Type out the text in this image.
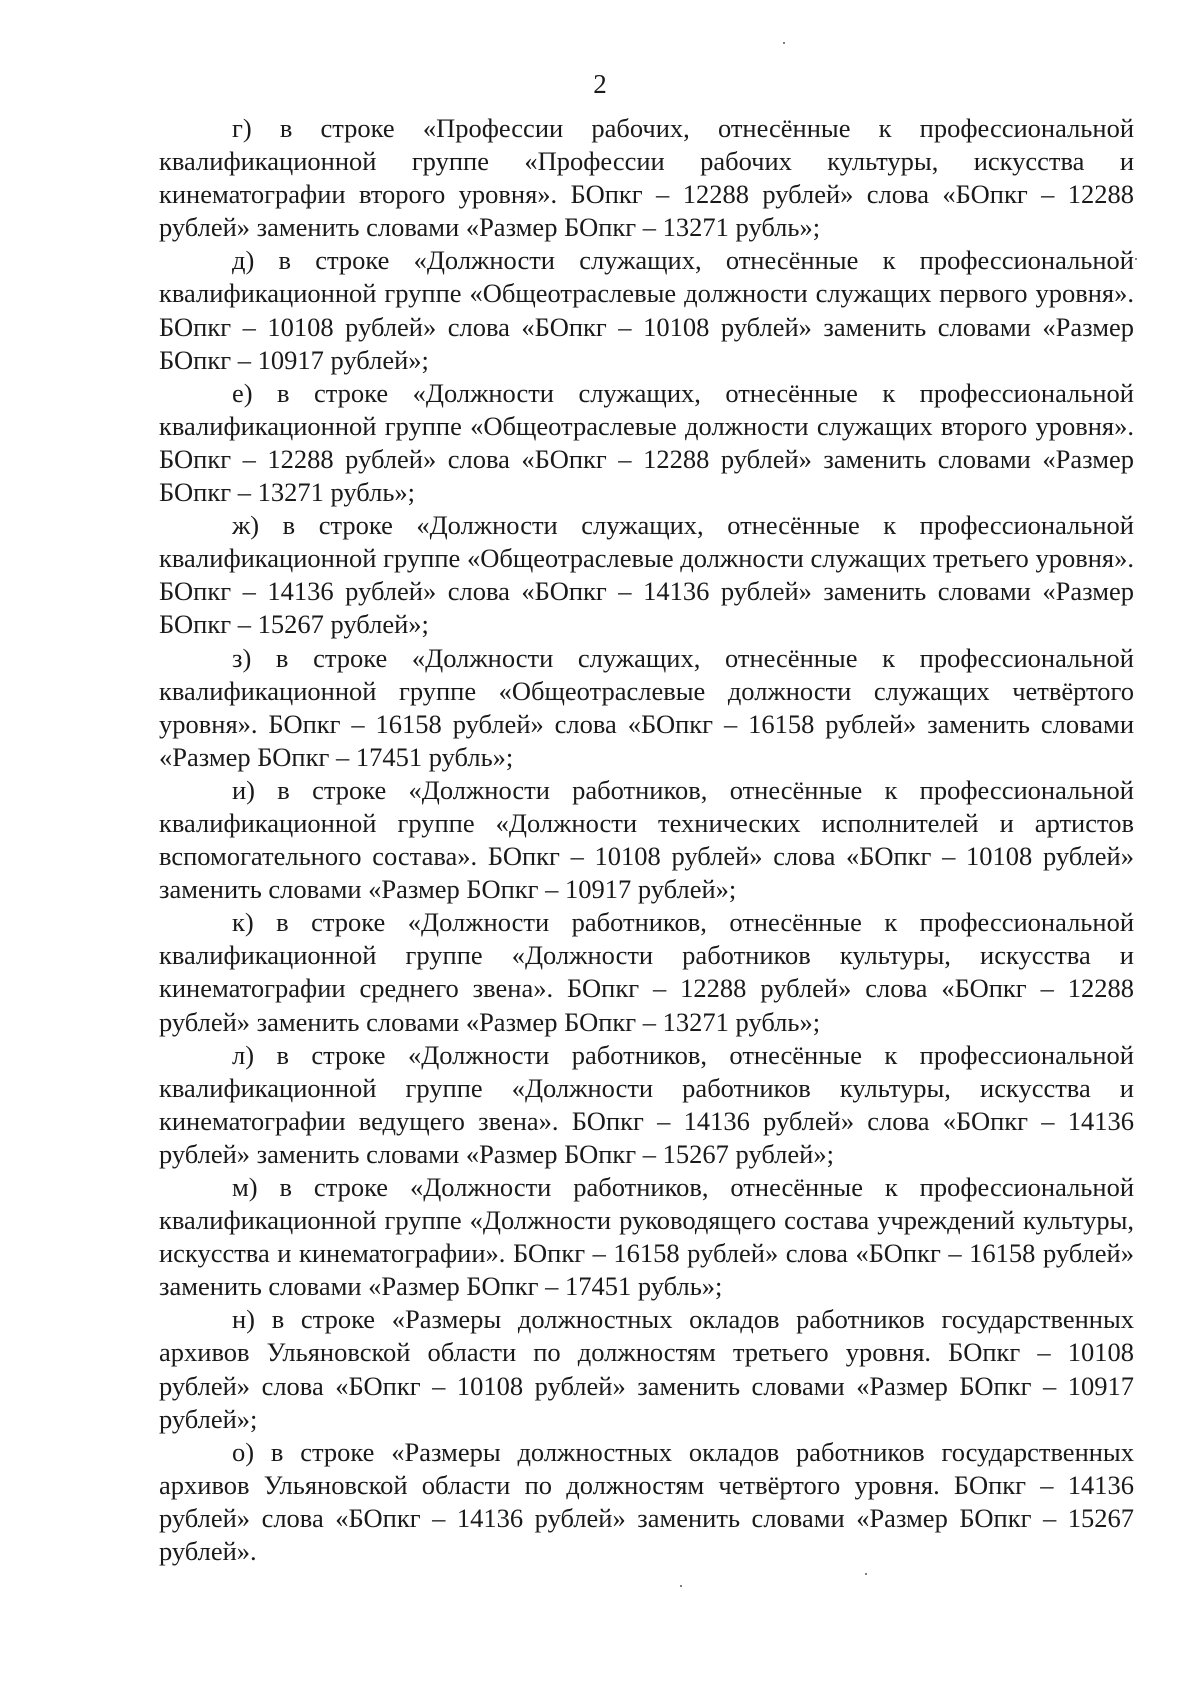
2

г) в строке «Профессии рабочих, отнесённые к профессиональной квалификационной группе «Профессии рабочих культуры, искусства и кинематографии второго уровня». БОпкг – 12288 рублей» слова «БОпкг – 12288 рублей» заменить словами «Размер БОпкг – 13271 рубль»;

д) в строке «Должности служащих, отнесённые к профессиональной квалификационной группе «Общеотраслевые должности служащих первого уровня». БОпкг – 10108 рублей» слова «БОпкг – 10108 рублей» заменить словами «Размер БОпкг – 10917 рублей»;

е) в строке «Должности служащих, отнесённые к профессиональной квалификационной группе «Общеотраслевые должности служащих второго уровня». БОпкг – 12288 рублей» слова «БОпкг – 12288 рублей» заменить словами «Размер БОпкг – 13271 рубль»;

ж) в строке «Должности служащих, отнесённые к профессиональной квалификационной группе «Общеотраслевые должности служащих третьего уровня». БОпкг – 14136 рублей» слова «БОпкг – 14136 рублей» заменить словами «Размер БОпкг – 15267 рублей»;

з) в строке «Должности служащих, отнесённые к профессиональной квалификационной группе «Общеотраслевые должности служащих четвёртого уровня». БОпкг – 16158 рублей» слова «БОпкг – 16158 рублей» заменить словами «Размер БОпкг – 17451 рубль»;

и) в строке «Должности работников, отнесённые к профессиональной квалификационной группе «Должности технических исполнителей и артистов вспомогательного состава». БОпкг – 10108 рублей» слова «БОпкг – 10108 рублей» заменить словами «Размер БОпкг – 10917 рублей»;

к) в строке «Должности работников, отнесённые к профессиональной квалификационной группе «Должности работников культуры, искусства и кинематографии среднего звена». БОпкг – 12288 рублей» слова «БОпкг – 12288 рублей» заменить словами «Размер БОпкг – 13271 рубль»;

л) в строке «Должности работников, отнесённые к профессиональной квалификационной группе «Должности работников культуры, искусства и кинематографии ведущего звена». БОпкг – 14136 рублей» слова «БОпкг – 14136 рублей» заменить словами «Размер БОпкг – 15267 рублей»;

м) в строке «Должности работников, отнесённые к профессиональной квалификационной группе «Должности руководящего состава учреждений культуры, искусства и кинематографии». БОпкг – 16158 рублей» слова «БОпкг – 16158 рублей» заменить словами «Размер БОпкг – 17451 рубль»;

н) в строке «Размеры должностных окладов работников государственных архивов Ульяновской области по должностям третьего уровня. БОпкг – 10108 рублей» слова «БОпкг – 10108 рублей» заменить словами «Размер БОпкг – 10917 рублей»;

о) в строке «Размеры должностных окладов работников государственных архивов Ульяновской области по должностям четвёртого уровня. БОпкг – 14136 рублей» слова «БОпкг – 14136 рублей» заменить словами «Размер БОпкг – 15267 рублей».
